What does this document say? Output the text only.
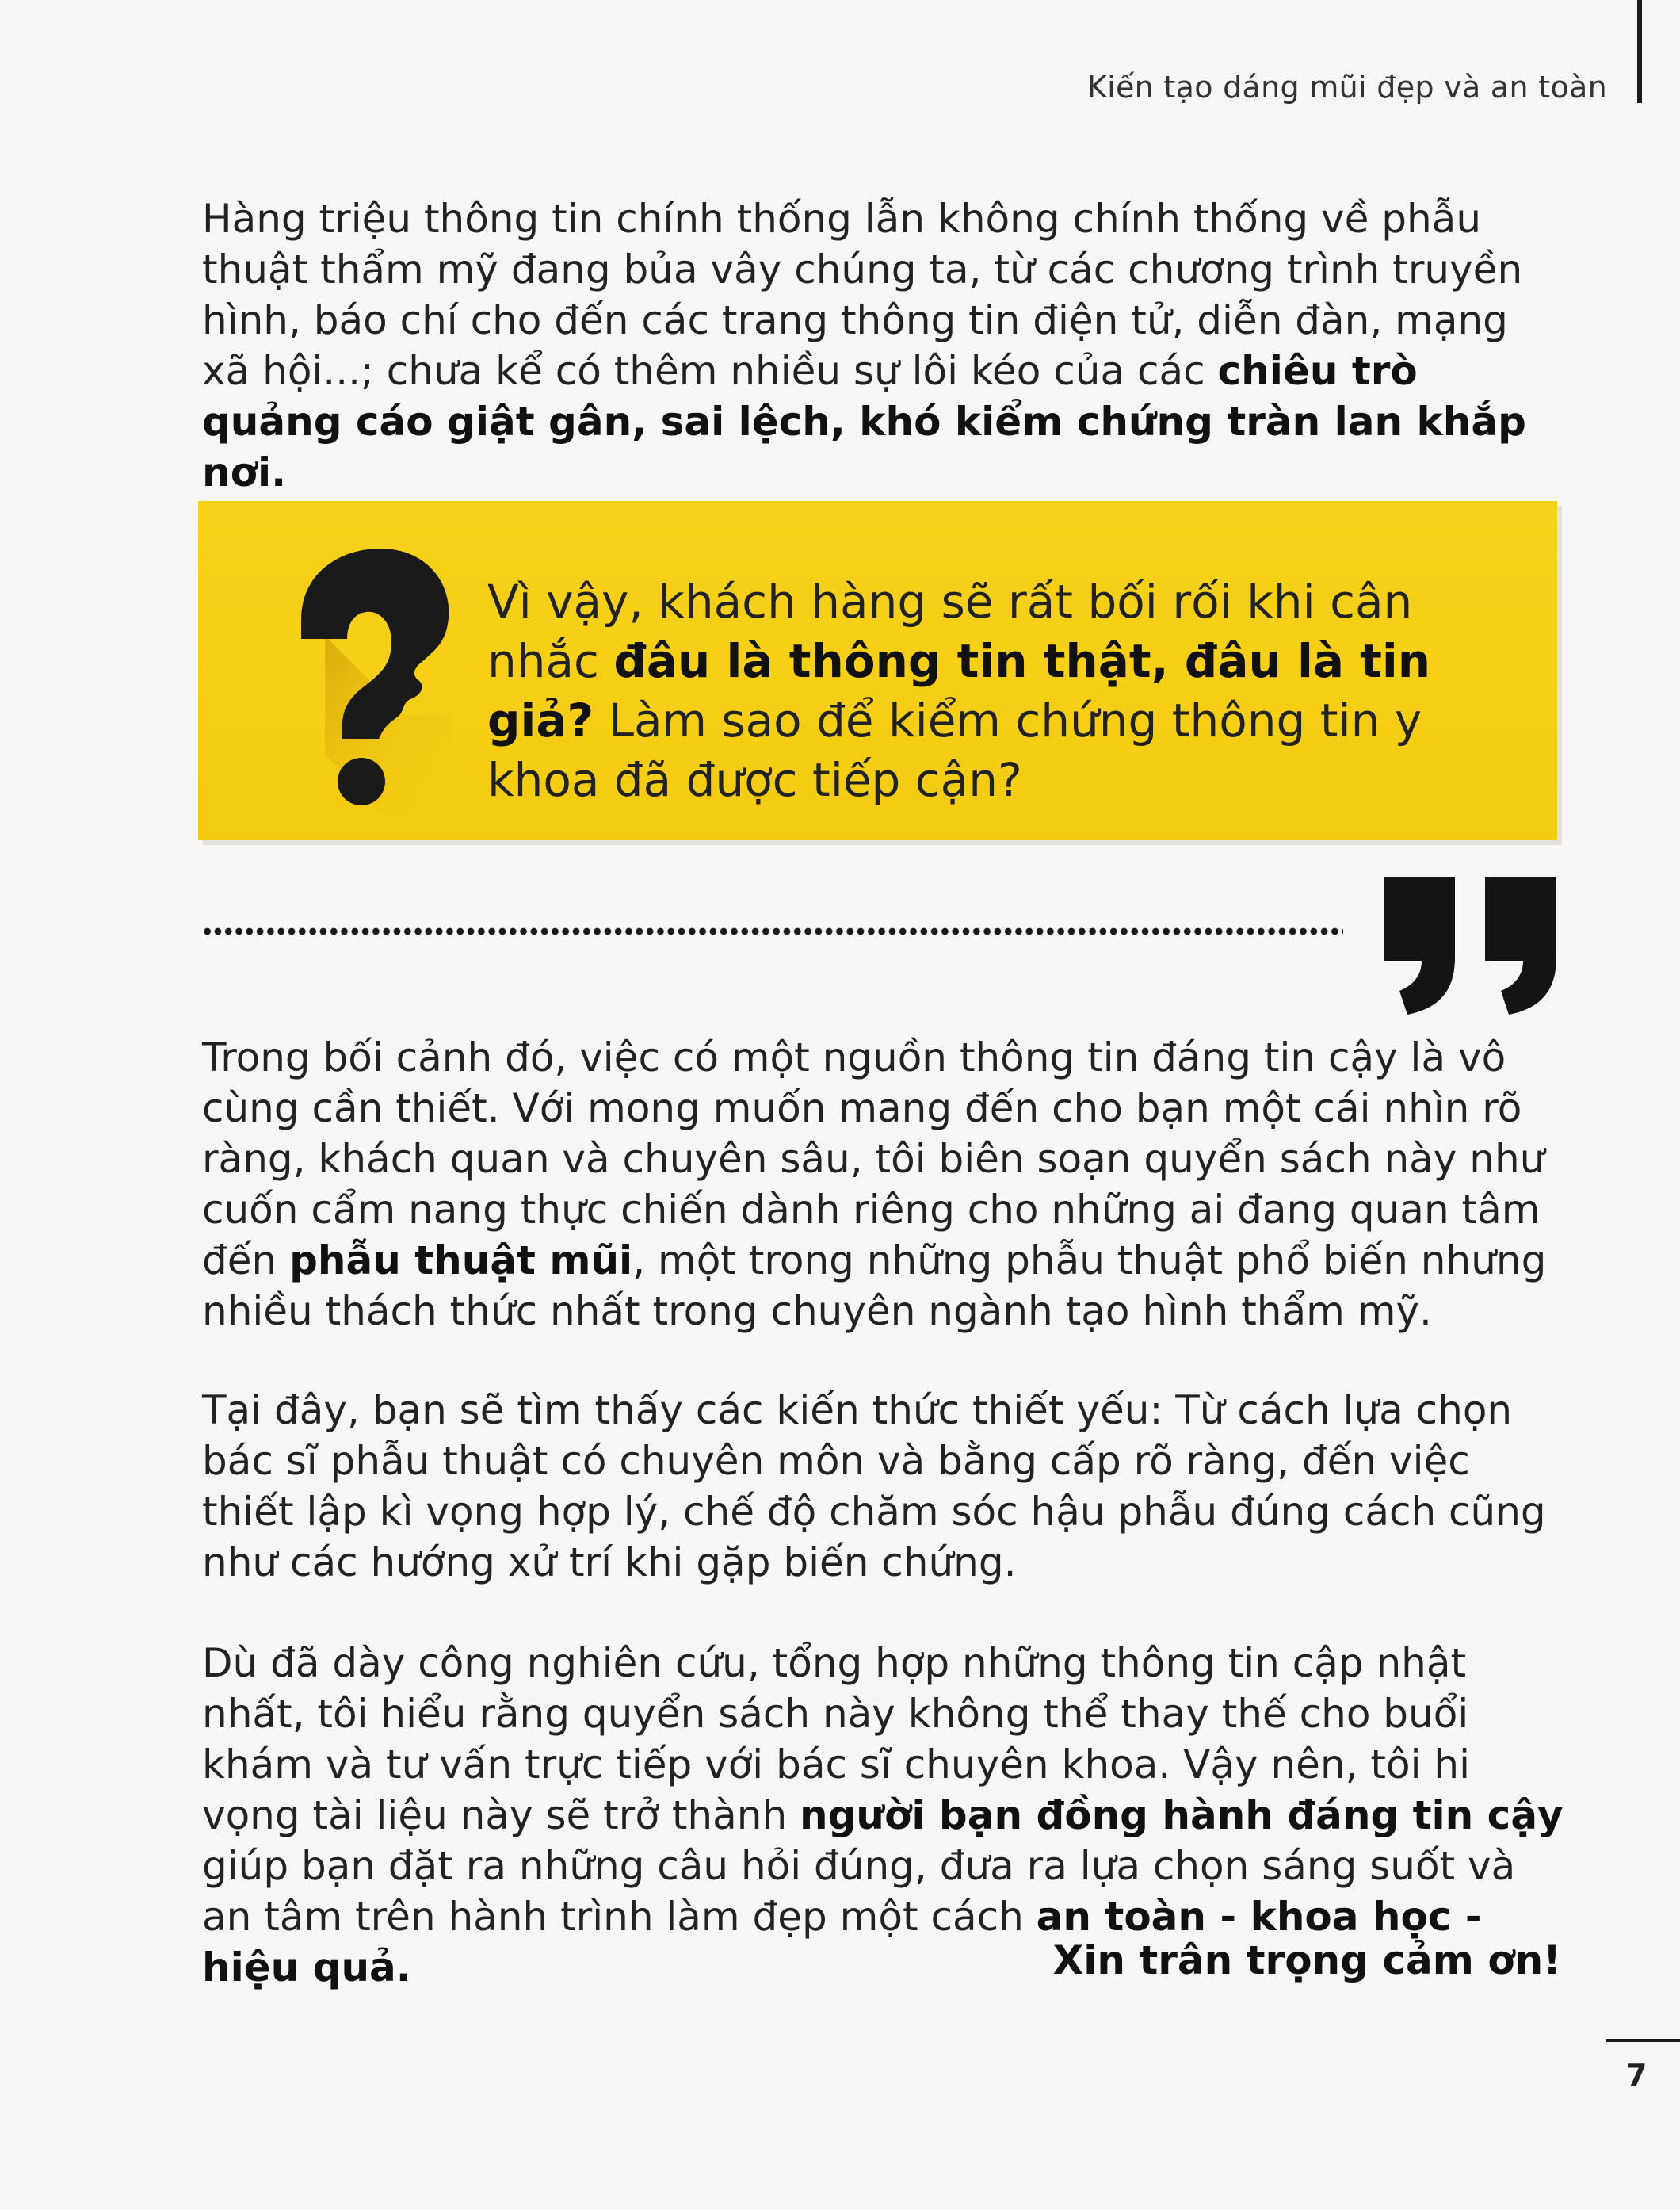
Kiến tạo dáng mũi đẹp và an toàn

Hàng triệu thông tin chính thống lẫn không chính thống về phẫu thuật thẩm mỹ đang bủa vây chúng ta, từ các chương trình truyền hình, báo chí cho đến các trang thông tin điện tử, diễn đàn, mạng xã hội...; chưa kể có thêm nhiều sự lôi kéo của các chiêu trò quảng cáo giật gân, sai lệch, khó kiểm chứng tràn lan khắp nơi.

Vì vậy, khách hàng sẽ rất bối rối khi cân nhắc đâu là thông tin thật, đâu là tin giả? Làm sao để kiểm chứng thông tin y khoa đã được tiếp cận?

Trong bối cảnh đó, việc có một nguồn thông tin đáng tin cậy là vô cùng cần thiết. Với mong muốn mang đến cho bạn một cái nhìn rõ ràng, khách quan và chuyên sâu, tôi biên soạn quyển sách này như cuốn cẩm nang thực chiến dành riêng cho những ai đang quan tâm đến phẫu thuật mũi, một trong những phẫu thuật phổ biến nhưng nhiều thách thức nhất trong chuyên ngành tạo hình thẩm mỹ.

Tại đây, bạn sẽ tìm thấy các kiến thức thiết yếu: Từ cách lựa chọn bác sĩ phẫu thuật có chuyên môn và bằng cấp rõ ràng, đến việc thiết lập kì vọng hợp lý, chế độ chăm sóc hậu phẫu đúng cách cũng như các hướng xử trí khi gặp biến chứng.

Dù đã dày công nghiên cứu, tổng hợp những thông tin cập nhật nhất, tôi hiểu rằng quyển sách này không thể thay thế cho buổi khám và tư vấn trực tiếp với bác sĩ chuyên khoa. Vậy nên, tôi hi vọng tài liệu này sẽ trở thành người bạn đồng hành đáng tin cậy giúp bạn đặt ra những câu hỏi đúng, đưa ra lựa chọn sáng suốt và an tâm trên hành trình làm đẹp một cách an toàn - khoa học - hiệu quả.	Xin trân trọng cảm ơn!

7
